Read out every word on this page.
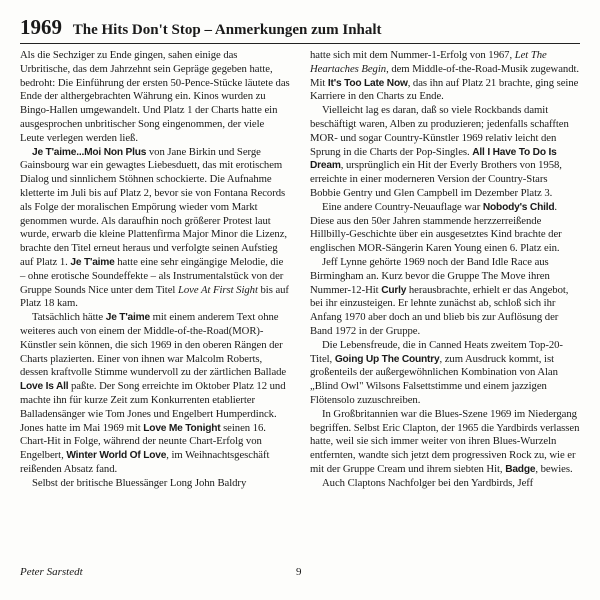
1969 The Hits Don't Stop – Anmerkungen zum Inhalt

Als die Sechziger zu Ende gingen, sahen einige das Urbritische, das dem Jahrzehnt sein Gepräge gegeben hatte, bedroht: Die Einführung der ersten 50-Pence-Stücke läutete das Ende der althergebrachten Währung ein. Kinos wurden zu Bingo-Hallen umgewandelt. Und Platz 1 der Charts hatte ein ausgesprochen unbritischer Song eingenommen, der viele Leute verlegen werden ließ.

Je T'aime...Moi Non Plus von Jane Birkin und Serge Gainsbourg war ein gewagtes Liebesduett, das mit erotischem Dialog und sinnlichem Stöhnen schockierte. Die Aufnahme kletterte im Juli bis auf Platz 2, bevor sie von Fontana Records als Folge der moralischen Empörung wieder vom Markt genommen wurde. Als daraufhin noch größerer Protest laut wurde, erwarb die kleine Plattenfirma Major Minor die Lizenz, brachte den Titel erneut heraus und verfolgte seinen Aufstieg auf Platz 1. Je T'aime hatte eine sehr eingängige Melodie, die – ohne erotische Soundeffekte – als Instrumentalstück von der Gruppe Sounds Nice unter dem Titel Love At First Sight bis auf Platz 18 kam.

Tatsächlich hätte Je T'aime mit einem anderem Text ohne weiteres auch von einem der Middle-of-the-Road(MOR)-Künstler sein können, die sich 1969 in den oberen Rängen der Charts plazierten. Einer von ihnen war Malcolm Roberts, dessen kraftvolle Stimme wundervoll zu der zärtlichen Ballade Love Is All paßte. Der Song erreichte im Oktober Platz 12 und machte ihn für kurze Zeit zum Konkurrenten etablierter Balladensänger wie Tom Jones und Engelbert Humperdinck. Jones hatte im Mai 1969 mit Love Me Tonight seinen 16. Chart-Hit in Folge, während der neunte Chart-Erfolg von Engelbert, Winter World Of Love, im Weihnachtsgeschäft reißenden Absatz fand.

Selbst der britische Bluessänger Long John Baldry

hatte sich mit dem Nummer-1-Erfolg von 1967, Let The Heartaches Begin, dem Middle-of-the-Road-Musik zugewandt. Mit It's Too Late Now, das ihn auf Platz 21 brachte, ging seine Karriere in den Charts zu Ende.

Vielleicht lag es daran, daß so viele Rockbands damit beschäftigt waren, Alben zu produzieren; jedenfalls schafften MOR- und sogar Country-Künstler 1969 relativ leicht den Sprung in die Charts der Pop-Singles. All I Have To Do Is Dream, ursprünglich ein Hit der Everly Brothers von 1958, erreichte in einer moderneren Version der Country-Stars Bobbie Gentry und Glen Campbell im Dezember Platz 3.

Eine andere Country-Neuauflage war Nobody's Child. Diese aus den 50er Jahren stammende herzzerreißende Hillbilly-Geschichte über ein ausgesetztes Kind brachte der englischen MOR-Sängerin Karen Young einen 6. Platz ein.

Jeff Lynne gehörte 1969 noch der Band Idle Race aus Birmingham an. Kurz bevor die Gruppe The Move ihren Nummer-12-Hit Curly herausbrachte, erhielt er das Angebot, bei ihr einzusteigen. Er lehnte zunächst ab, schloß sich ihr Anfang 1970 aber doch an und blieb bis zur Auflösung der Band 1972 in der Gruppe.

Die Lebensfreude, die in Canned Heats zweitem Top-20-Titel, Going Up The Country, zum Ausdruck kommt, ist großenteils der außergewöhnlichen Kombination von Alan „Blind Owl" Wilsons Falsettstimme und einem jazzigen Flötensolo zuzuschreiben.

In Großbritannien war die Blues-Szene 1969 im Niedergang begriffen. Selbst Eric Clapton, der 1965 die Yardbirds verlassen hatte, weil sie sich immer weiter von ihren Blues-Wurzeln entfernten, wandte sich jetzt dem progressiven Rock zu, wie er mit der Gruppe Cream und ihrem siebten Hit, Badge, bewies.

Auch Claptons Nachfolger bei den Yardbirds, Jeff

Peter Sarstedt	9
